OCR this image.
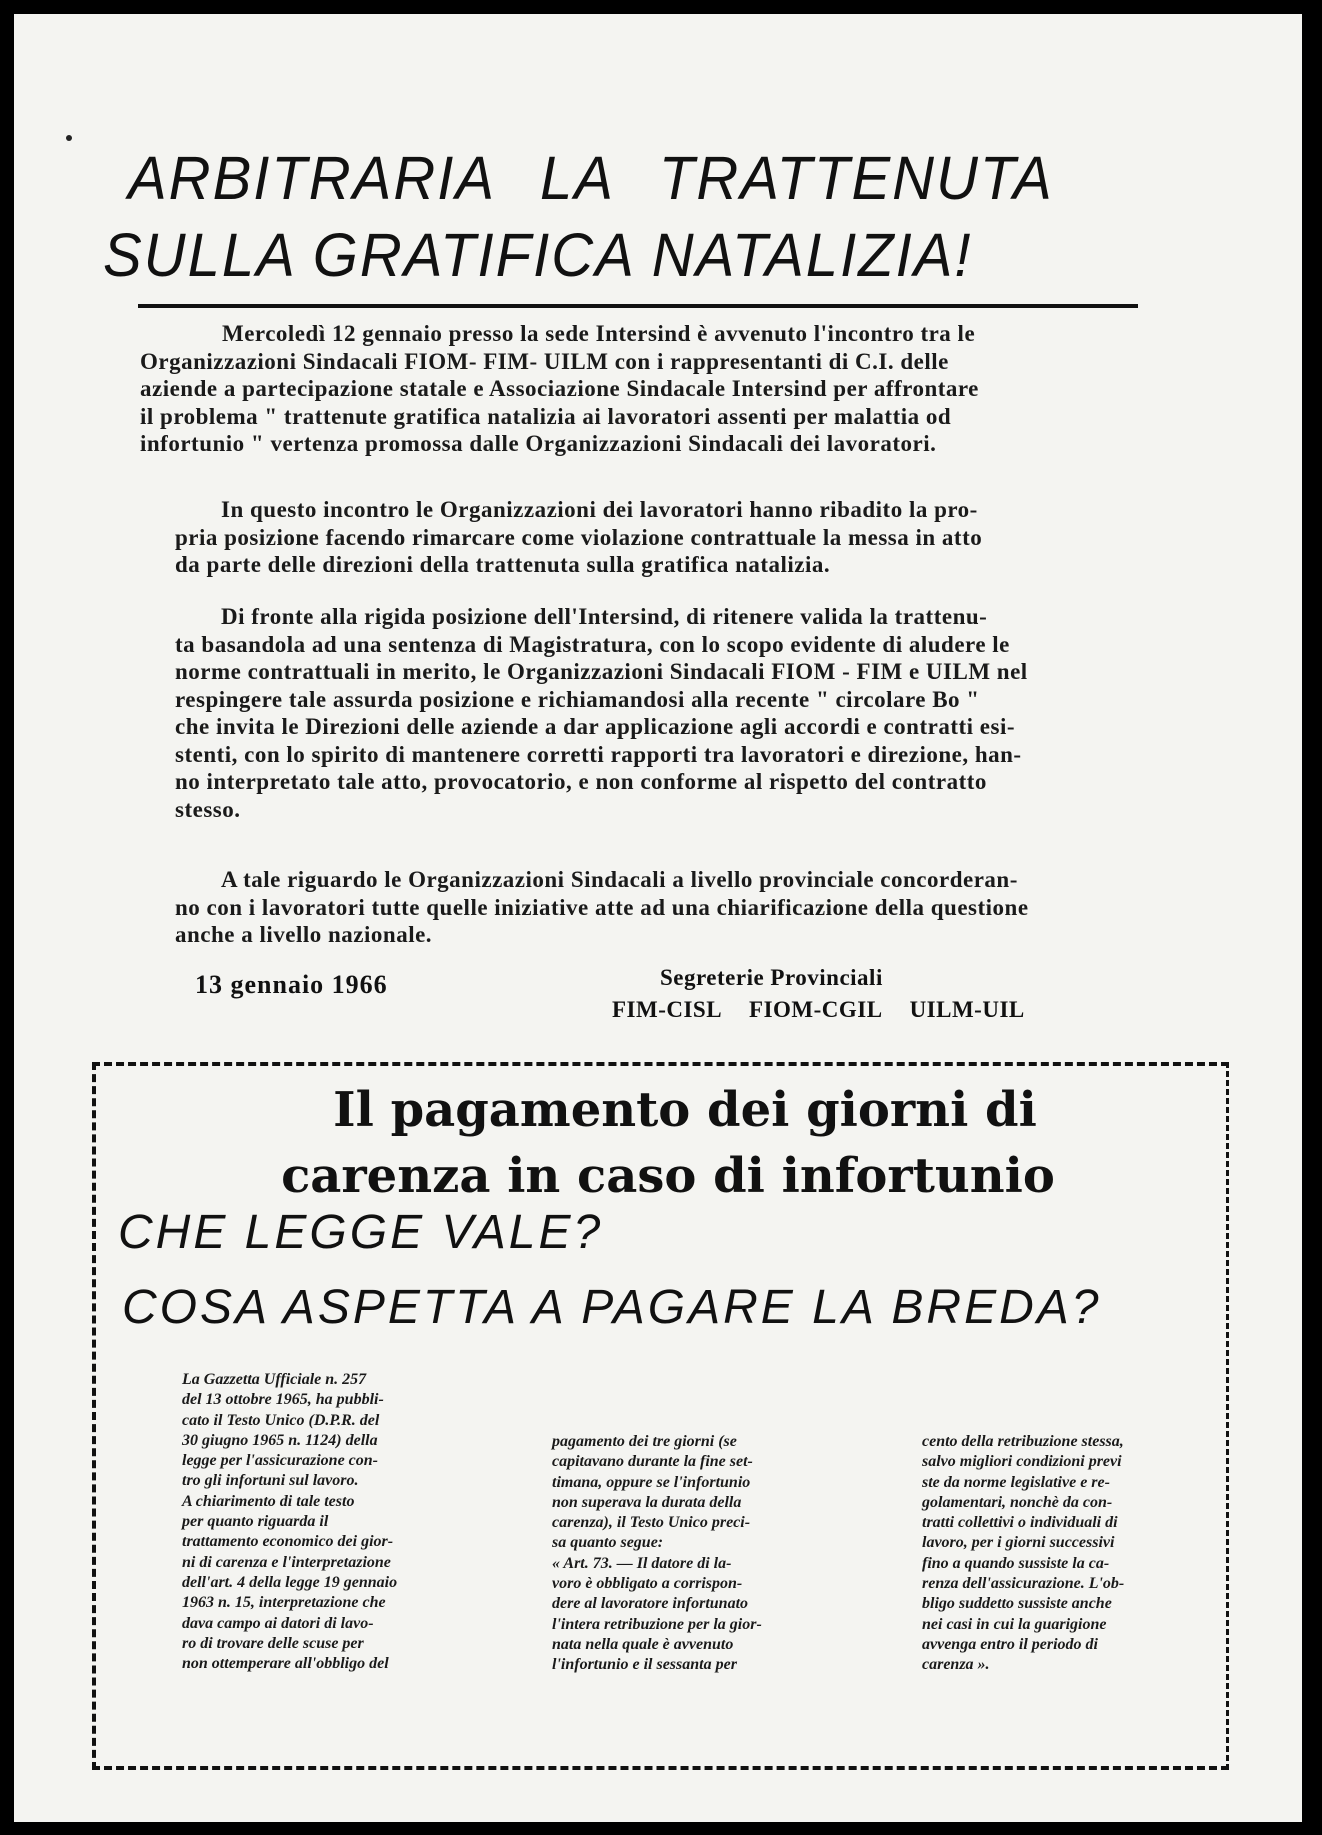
ARBITRARIA LA TRATTENUTA
SULLA GRATIFICA NATALIZIA!
Mercoledì 12 gennaio presso la sede Intersind è avvenuto l'incontro tra le
Organizzazioni Sindacali FIOM- FIM- UILM con i rappresentanti di C.I. delle
aziende a partecipazione statale e Associazione Sindacale Intersind per affrontare
il problema " trattenute gratifica natalizia ai lavoratori assenti per malattia od
infortunio " vertenza promossa dalle Organizzazioni Sindacali dei lavoratori.
In questo incontro le Organizzazioni dei lavoratori hanno ribadito la pro-
pria posizione facendo rimarcare come violazione contrattuale la messa in atto
da parte delle direzioni della trattenuta sulla gratifica natalizia.
Di fronte alla rigida posizione dell'Intersind, di ritenere valida la trattenu-
ta basandola ad una sentenza di Magistratura, con lo scopo evidente di aludere le
norme contrattuali in merito, le Organizzazioni Sindacali FIOM - FIM e UILM nel
respingere tale assurda posizione e richiamandosi alla recente " circolare Bo "
che invita le Direzioni delle aziende a dar applicazione agli accordi e contratti esi-
stenti, con lo spirito di mantenere corretti rapporti tra lavoratori e direzione, han-
no interpretato tale atto, provocatorio, e non conforme al rispetto del contratto
stesso.
A tale riguardo le Organizzazioni Sindacali a livello provinciale concorderan-
no con i lavoratori tutte quelle iniziative atte ad una chiarificazione della questione
anche a livello nazionale.
13 gennaio 1966	Segreterie Provinciali
FIM-CISL FIOM-CGIL UILM-UIL
Il pagamento dei giorni di
carenza in caso di infortunio
CHE LEGGE VALE?
COSA ASPETTA A PAGARE LA BREDA?
La Gazzetta Ufficiale n. 257
del 13 ottobre 1965, ha pubbli-
cato il Testo Unico (D.P.R. del
30 giugno 1965 n. 1124) della
legge per l'assicurazione con-
tro gli infortuni sul lavoro.
A chiarimento di tale testo
per quanto riguarda il
trattamento economico dei gior-
ni di carenza e l'interpretazione
dell'art. 4 della legge 19 gennaio
1963 n. 15, interpretazione che
dava campo ai datori di lavo-
ro di trovare delle scuse per
non ottemperare all'obbligo del
pagamento dei tre giorni (se
capitavano durante la fine set-
timana, oppure se l'infortunio
non superava la durata della
carenza), il Testo Unico preci-
sa quanto segue:
« Art. 73. — Il datore di la-
voro è obbligato a corrispon-
dere al lavoratore infortunato
l'intera retribuzione per la gior-
nata nella quale è avvenuto
l'infortunio e il sessanta per
cento della retribuzione stessa,
salvo migliori condizioni previ
ste da norme legislative e re-
golamentari, nonchè da con-
tratti collettivi o individuali di
lavoro, per i giorni successivi
fino a quando sussiste la ca-
renza dell'assicurazione. L'ob-
bligo suddetto sussiste anche
nei casi in cui la guarigione
avvenga entro il periodo di
carenza ».
